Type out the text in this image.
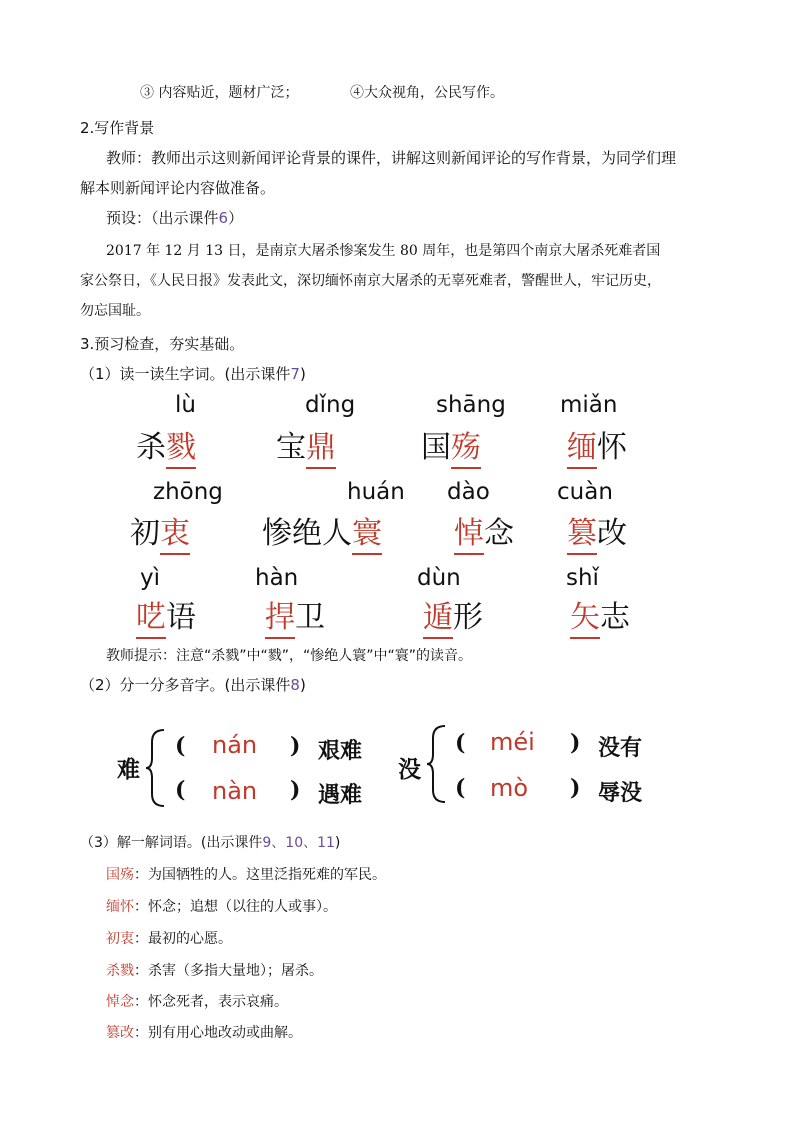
③ 内容贴近，题材广泛；	④大众视角，公民写作。
2.写作背景
教师：教师出示这则新闻评论背景的课件，讲解这则新闻评论的写作背景，为同学们理
解本则新闻评论内容做准备。
预设：（出示课件6）
2017 年 12 月 13 日，是南京大屠杀惨案发生 80 周年，也是第四个南京大屠杀死难者国
家公祭日，《人民日报》发表此文，深切缅怀南京大屠杀的无辜死难者，警醒世人，牢记历史，
勿忘国耻。
3.预习检查，夯实基础。
（1）读一读生字词。(出示课件7)
lù
杀戮
dǐng
宝鼎
shāng
国殇
miǎn
缅怀
zhōng
初衷
huán
惨绝人寰
dào
悼念
cuàn
篡改
yì
呓语
hàn
捍卫
dùn
遁形
shǐ
矢志
教师提示：注意“杀戮”中“戮”，“惨绝人寰”中“寰”的读音。
（2）分一分多音字。(出示课件8)
难
( nán ) 艰难
( nàn ) 遇难
没
( méi ) 没有
( mò ) 辱没
（3）解一解词语。(出示课件9、10、11)
国殇：为国牺牲的人。这里泛指死难的军民。
缅怀：怀念；追想（以往的人或事）。
初衷：最初的心愿。
杀戮：杀害（多指大量地）；屠杀。
悼念：怀念死者，表示哀痛。
篡改：别有用心地改动或曲解。
